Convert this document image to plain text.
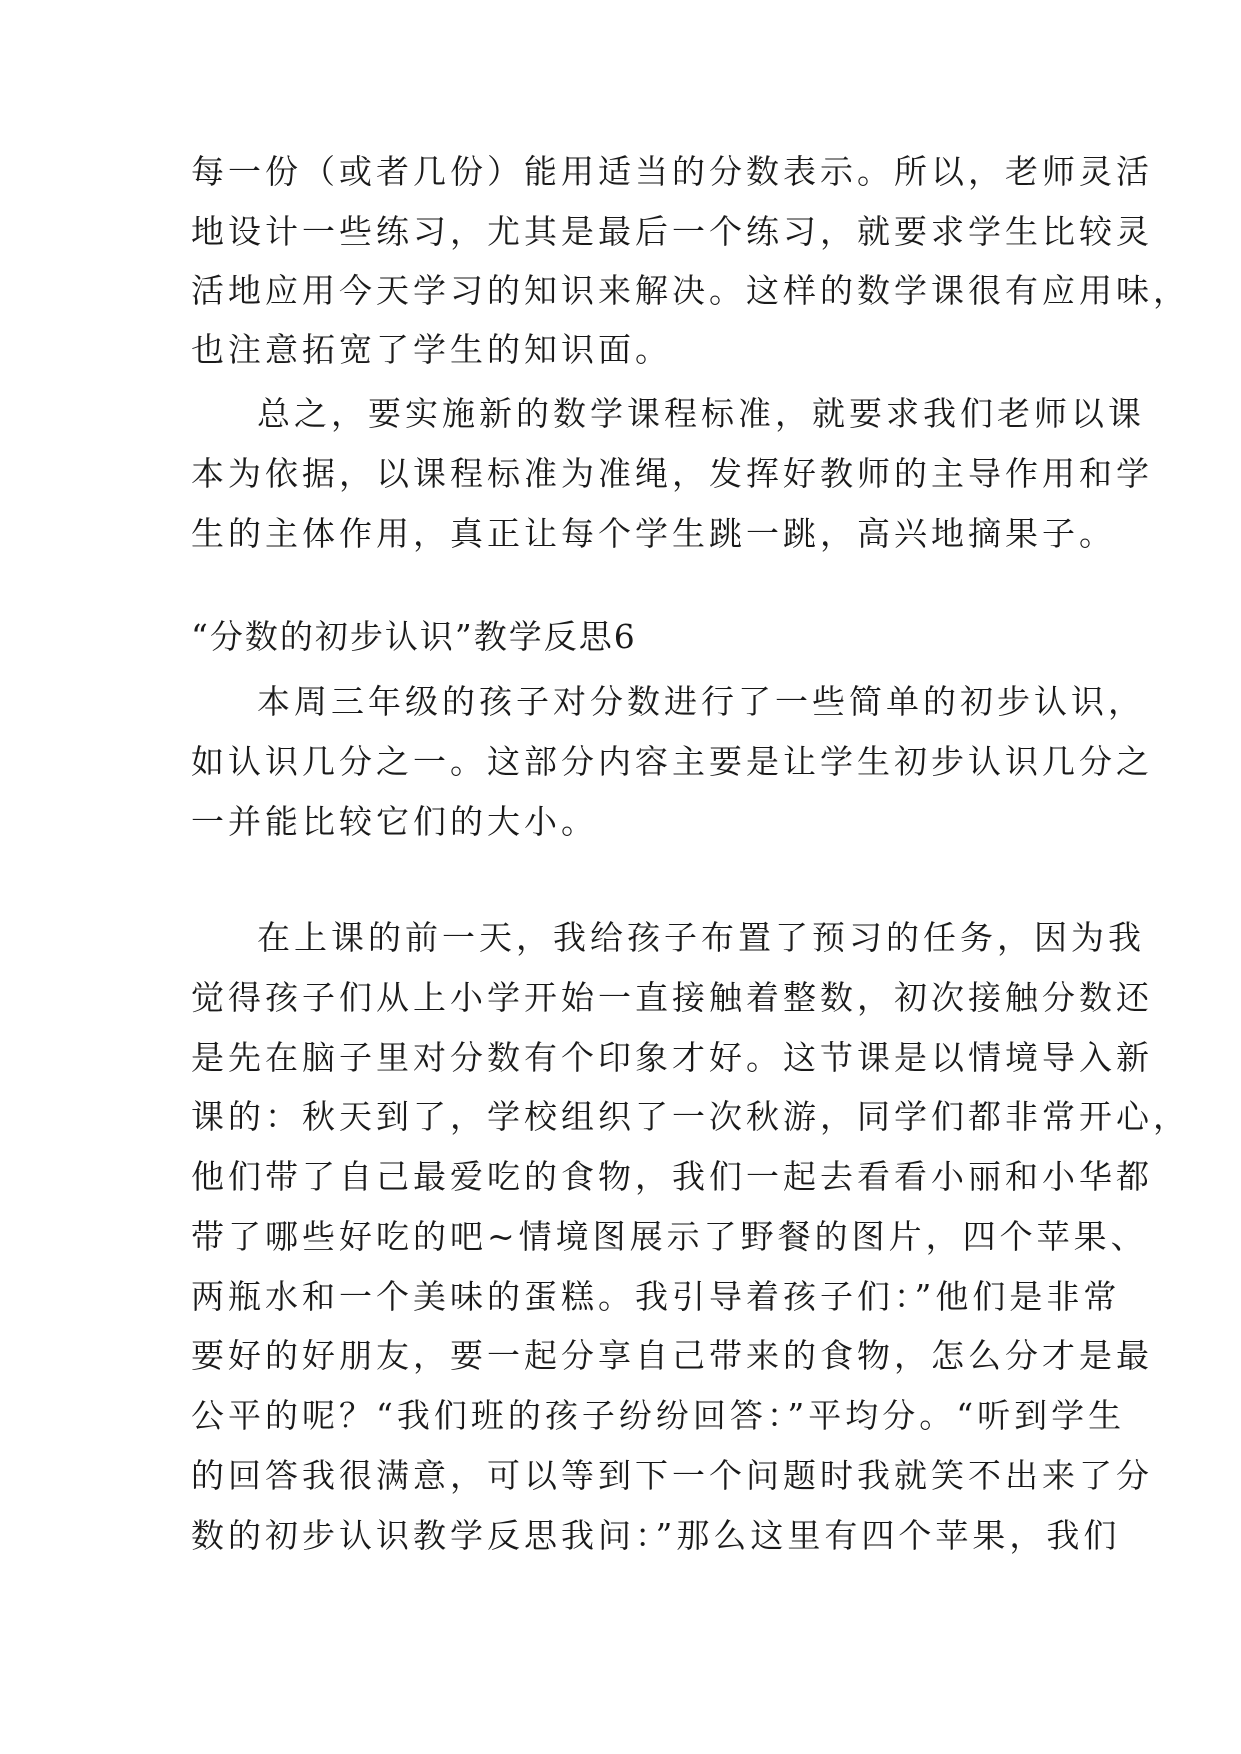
每一份（或者几份）能用适当的分数表示。所以，老师灵活
地设计一些练习，尤其是最后一个练习，就要求学生比较灵
活地应用今天学习的知识来解决。这样的数学课很有应用味，
也注意拓宽了学生的知识面。
总之，要实施新的数学课程标准，就要求我们老师以课
本为依据，以课程标准为准绳，发挥好教师的主导作用和学
生的主体作用，真正让每个学生跳一跳，高兴地摘果子。
“分数的初步认识”教学反思6
本周三年级的孩子对分数进行了一些简单的初步认识，
如认识几分之一。这部分内容主要是让学生初步认识几分之
一并能比较它们的大小。
在上课的前一天，我给孩子布置了预习的任务，因为我
觉得孩子们从上小学开始一直接触着整数，初次接触分数还
是先在脑子里对分数有个印象才好。这节课是以情境导入新
课的：秋天到了，学校组织了一次秋游，同学们都非常开心，
他们带了自己最爱吃的食物，我们一起去看看小丽和小华都
带了哪些好吃的吧~情境图展示了野餐的图片，四个苹果、
两瓶水和一个美味的蛋糕。我引导着孩子们：”他们是非常
要好的好朋友，要一起分享自己带来的食物，怎么分才是最
公平的呢？“我们班的孩子纷纷回答：”平均分。“听到学生
的回答我很满意，可以等到下一个问题时我就笑不出来了分
数的初步认识教学反思我问：”那么这里有四个苹果，我们
